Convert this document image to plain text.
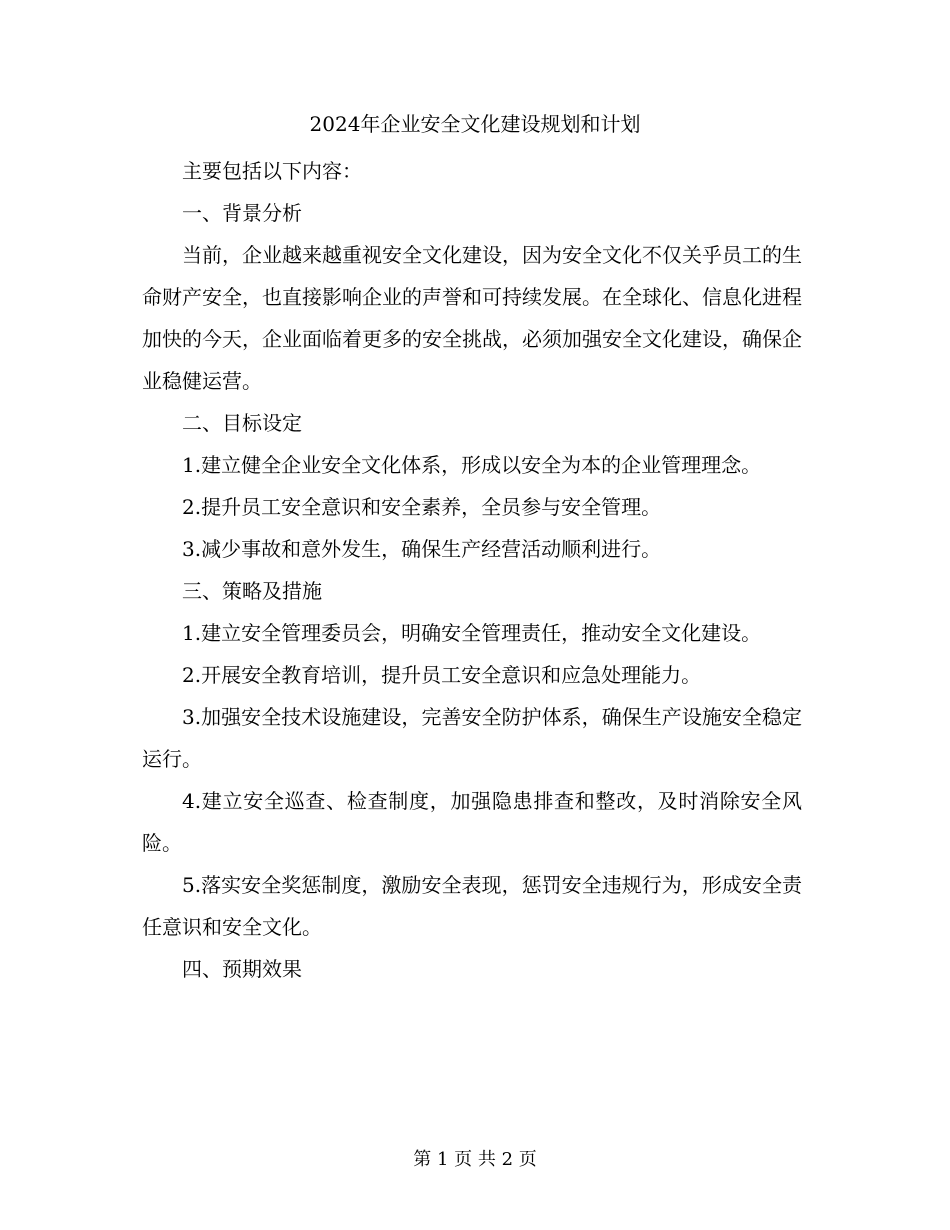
2024年企业安全文化建设规划和计划

主要包括以下内容：

一、背景分析

当前，企业越来越重视安全文化建设，因为安全文化不仅关乎员工的生命财产安全，也直接影响企业的声誉和可持续发展。在全球化、信息化进程加快的今天，企业面临着更多的安全挑战，必须加强安全文化建设，确保企业稳健运营。

二、目标设定

1.建立健全企业安全文化体系，形成以安全为本的企业管理理念。

2.提升员工安全意识和安全素养，全员参与安全管理。

3.减少事故和意外发生，确保生产经营活动顺利进行。

三、策略及措施

1.建立安全管理委员会，明确安全管理责任，推动安全文化建设。

2.开展安全教育培训，提升员工安全意识和应急处理能力。

3.加强安全技术设施建设，完善安全防护体系，确保生产设施安全稳定运行。

4.建立安全巡查、检查制度，加强隐患排查和整改，及时消除安全风险。

5.落实安全奖惩制度，激励安全表现，惩罚安全违规行为，形成安全责任意识和安全文化。

四、预期效果

第 1 页 共 2 页
